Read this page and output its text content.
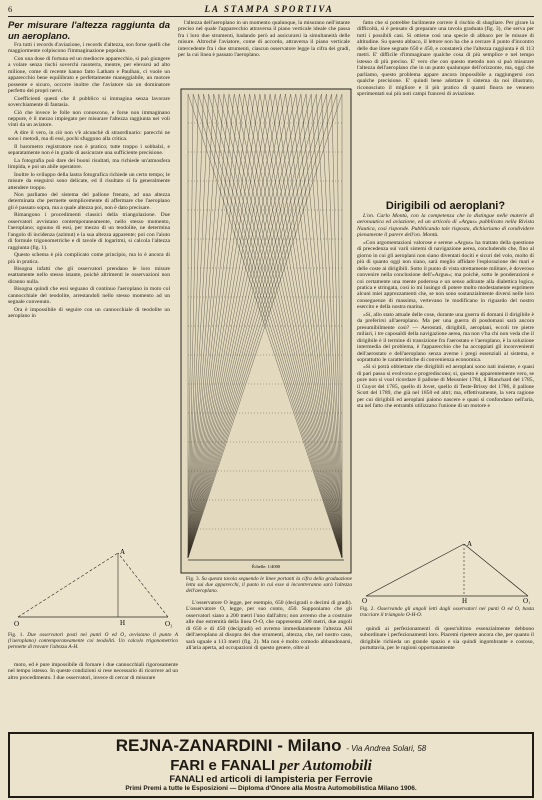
6	LA STAMPA SPORTIVA
Per misurare l'altezza raggiunta da un aeroplano.

Fra tutti i records d'aviazione, i records d'altezza, son forse quelli che maggiormente colpiscono l'immaginazione popolare.

Con una dose di fortuna ed un mediocre apparecchio, si può giungere a volare senza rischi soverchi rasoterra, mentre, per elevarsi ad alto milione, come di recente hanno fatto Latham e Paulhan, ci vuole un apparecchio bene equilibrato e perfettamente maneggiabile, un motore possente e sicuro, occorre inoltre che l'aviatore sia un dominatore perfetto dei propri nervi.

Coefficienti questi che il pubblico si immagina senza lavorare soverchiamente di fantasia.

Ciò che invece le folle non conoscono, e forse non immaginano neppure, è il mezzo impiegato per misurare l'altezza raggiunta nei voli vinti da un aviatore.

A dire il vero, in ciò non v'è alcunchè di straordinario: parecchi ne sono i metodi, ma di essi, pochi sfuggono alla critica.

Il barometro registratore non è pratico; tutte troppo i sobbalzi, e separatamente non è in grado di assicurare una sufficiente precisione.

La fotografia può dare dei buoni risultati, ma richiede un'atmosfera limpida, e poi un abile operatore.

Inoltre lo sviluppo della lastra fotografica richiede un certo tempo; le misure da eseguirsi sono delicate, ed il risultato si fa generalmente attendere troppo.

Non parliamo del sistema del pallone frenato, ad una altezza determinata che permette semplicemente di affermare che l'aeroplano gli è passato sopra, ma a quale altezza poi, non è dato precisare.

Rimangono i procedimenti classici della triangolazione. Due osservatori avvistano contemporaneamente, nello stesso momento, l'aeroplano; ognuno di essi, per mezzo di un teodolite, ne determina l'angolo di incidenza (azimut) e la sua altezza apparente; poi con l'aiuto di formule trigonometriche e di tavole di logaritmi, si calcola l'altezza raggiunta (fig. 1).

Questo schema è più complicato come principio, ma lo è ancora di più in pratica.

Bisogna infatti che gli osservatori prendano le loro misure esattamente nello stesso istante, poichè altrimenti le osservazioni non diranno nulla.

Bisogna quindi che essi seguano di continuo l'aeroplano in moto col cannocchiale del teodolite, arrestandoli nello stesso momento ad un segnale convenuto.

Ora è impossibile di seguire con un cannocchiale di teodolite un aeroplano in

l'altezza dell'aeroplano in un momento qualunque, la misurano nell'istante preciso nel quale l'apparecchio attraversa il piano verticale ideale che passa fra i loro due strumenti, badando però ad assicurarsi la simultaneità delle misure. Altrochè l'aviatore, come di accordo, attraversa il piano verticale intercedente fra i due strumenti, ciascun osservatore legge la cifra dei gradi, per la cui linea è passato l'aeroplano.

fatto che si potrebbe facilmente correre il rischio di sbagliare. Per girare la difficoltà, si è pensato di preparare una tavola graduata (fig. 3), che serva per tutti i possibili casi. Si ottiene così una specie di abbaco per le misure di altitudine. Su questo abbaco, il lettore non ha che a cercare il punto d'incontro delle due linee segnate 650 e 450, e constaterà che l'altezza raggiunta è di 113 metri. E' difficile d'immaginare qualche cosa di più semplice e nel tempo istesso di più preciso. E' vero che con questo metodo non si può misurare l'altezza dell'aeroplano che in un punto qualunque dell'orizzonte, ma, oggi che parliamo, questo problema appare ancora impossibile a raggiungersi con qualche precisione. E' quindi bene adottare il sistema da noi illustrato, riconosciuto il migliore e il più pratico di quanti finora ne vennero sperimentati sui più noti campi francesi di aviazione.

Dirigibili od aeroplani?

L'on. Carlo Montù, con la competenza che lo distingue nelle materie di aeronautica ed aviazione, ed un articolo di «Argus» pubblicato nella Rivista Nautica, così risponde. Pubblicando tale risposta, dichiariamo di condividere pienamente il parere dell'on. Montù.

«Con argomentazioni valorose e serene «Argus» ha trattato della questione di precedenza sui varii sistemi di navigazione aerea, concludendo che, fino al giorno in cui gli aeroplani non siano diventati dociti e sicuri del volo, molto di più di quanto oggi non siano, sarà meglio affidare l'esplorazione dei mari e delle coste ai dirigibili. Sotto il punto di vista strettamente militare, è doveroso convenire nella conclusione dell'«Argus»; ma poichè, sotto le ponderazioni e coi certamente una mente poderosa e un senso adirante alla dialettica logica, pratica e stringata, così io mi lusingo di potere molto modestamente esprimere alcuni miei apprezzamenti che, se non sono sostanzialmente diversi nelle loro conseguenze di massima, vertevano le modificano in riguardo del nostro esercito e della nostra marina.

«Si, allo stato attuale delle cose, durante una guerra di domani il dirigibile è da preferirsi all'aeroplano. Ma per una guerra di posdomani sarà ancora presumibilmente così? — Aerostati, dirigibili, aeroplani, eccoli tre pietre miliari, i tre caposaldi della navigazione aerea, ma non v'ha chi non veda che il dirigibile è il termine di transizione fra l'aerostato e l'aeroplano, è la soluzione intermedia del problema, è l'apparecchio che ha accoppiati gli inconvenienti dell'aerostato e dell'aeroplano senza averne i pregi essenziali al sistema, e soprattutto le caratteristiche di convenienza economica.

«Si si potrà obbiettare che dirigibili ed aeroplani sono nati insieme, e quasi di pari passo si evolvono e progrediscono; si, questo è apparentemente vero, se pure non si vuol ricordare il pallone di Meusnier 1784, il Blanchard del 1785, il Guyot del 1785, quello di Jovet, quello di Teste-Brissy del 1786, il pallone Scott del 1789, che già nel 1850 ed altri; ma, effettivamente, la vera ragione per cui dirigibili ed aeroplani paiono nascere e quasi si confondano nell'aria, sta nel fatto che entrambi utilizzano l'unione di un motore e

Échelle: 1/4000
A
H
O	O₁
Fig. 1. Due osservatori posti nei punti O ed O₁ avvistano il punto A (l'aeroplano) contemporaneamente coi teodoliti. Un calcolo trigonometrico permette di trovare l'altezza A-H.

moto, ed è pure impossibile di fornare i due cannocchiali rigorosamente nel tempo istesso. In queste condizioni si rese necessario di ricorrere ad un altro procedimento. I due osservatori, invece di cercar di misurare

Fig. 3. Su questa tavola seguendo le linee portanti la cifra della graduazione letta sui due apparecchi, il punto in cui esse si incontreranno sarà l'altezza dell'aeroplano.

L'osservatore O legge, per esempio, 650 (decigradi o decimi di gradi). L'osservatore O, legge, per suo conto, 450. Supponiamo che gli osservatori siano a 200 metri l'uno dall'altro; non avremo che a costruire alle due estremità della linea O-O, che rappresenta 200 metri, due angoli di 650 e di 450 (decigradi) ed avremo immediatamente l'altezza AH dell'aeroplano al disopra dei due strumenti, altezza, che, nel nostro caso, sarà uguale a 113 metri (fig. 2). Ma non è molto comodo abbandonarsi, all'aria aperta, ad occupazioni di questo genere, oltre al

A
H
O	O₁
Fig. 2. Osservando gli angoli letti dagli osservatori nei punti O ed O, basta tracciare il triangolo O-H-O.

quindi ai perfezionamenti di quest'ultimo essenzialmente debbono subordinare i perfezionamenti loro. Piacemi ripetere ancora che, per quanto il dirigibile richieda un grande spazio e sia quindi ingombrante e costoso, purtuttavia, per le ragioni opportunamente

REJNA-ZANARDINI - Milano - Via Andrea Solari, 58
FARI e FANALI per Automobili
FANALI ed articoli di lampisteria per Ferrovie
Primi Premi a tutte le Esposizioni — Diploma d'Onore alla Mostra Automobilistica Milano 1906.
